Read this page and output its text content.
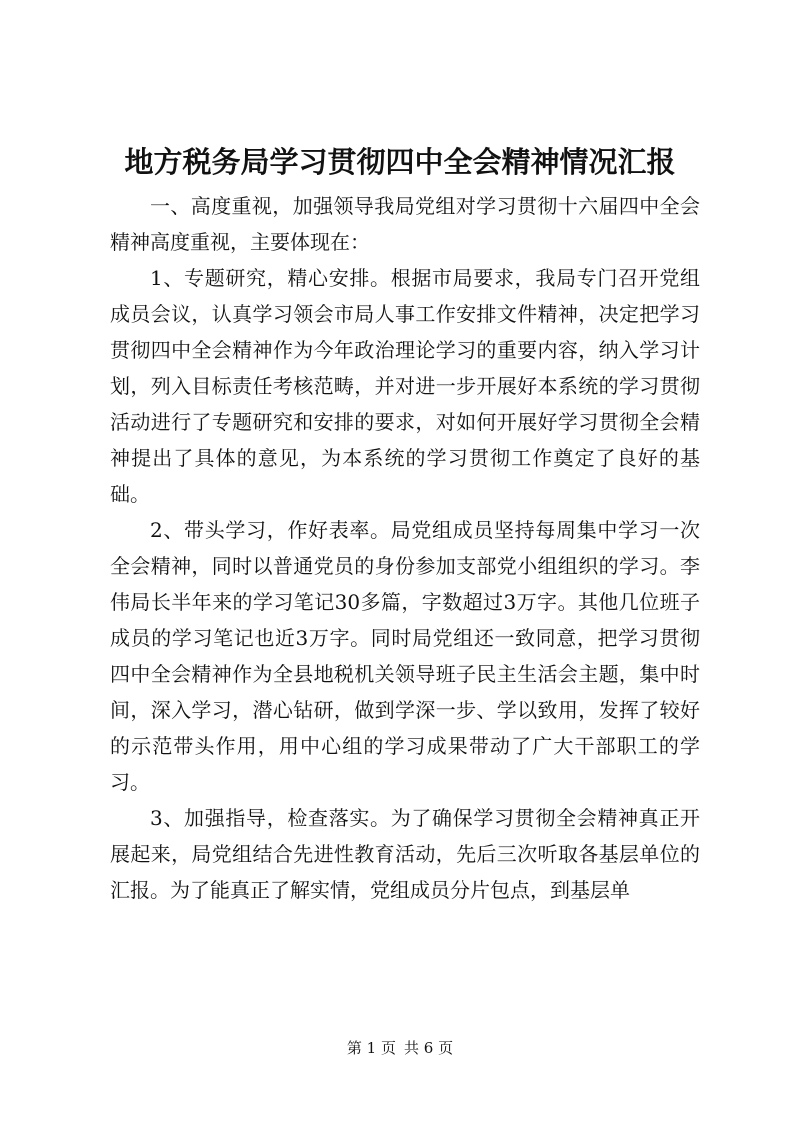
地方税务局学习贯彻四中全会精神情况汇报

一、高度重视，加强领导我局党组对学习贯彻十六届四中全会精神高度重视，主要体现在：

1、专题研究，精心安排。根据市局要求，我局专门召开党组成员会议，认真学习领会市局人事工作安排文件精神，决定把学习贯彻四中全会精神作为今年政治理论学习的重要内容，纳入学习计划，列入目标责任考核范畴，并对进一步开展好本系统的学习贯彻活动进行了专题研究和安排的要求，对如何开展好学习贯彻全会精神提出了具体的意见，为本系统的学习贯彻工作奠定了良好的基础。

2、带头学习，作好表率。局党组成员坚持每周集中学习一次全会精神，同时以普通党员的身份参加支部党小组组织的学习。李伟局长半年来的学习笔记30多篇，字数超过3万字。其他几位班子成员的学习笔记也近3万字。同时局党组还一致同意，把学习贯彻四中全会精神作为全县地税机关领导班子民主生活会主题，集中时间，深入学习，潜心钻研，做到学深一步、学以致用，发挥了较好的示范带头作用，用中心组的学习成果带动了广大干部职工的学习。

3、加强指导，检查落实。为了确保学习贯彻全会精神真正开展起来，局党组结合先进性教育活动，先后三次听取各基层单位的汇报。为了能真正了解实情，党组成员分片包点，到基层单

第 1 页 共 6 页
